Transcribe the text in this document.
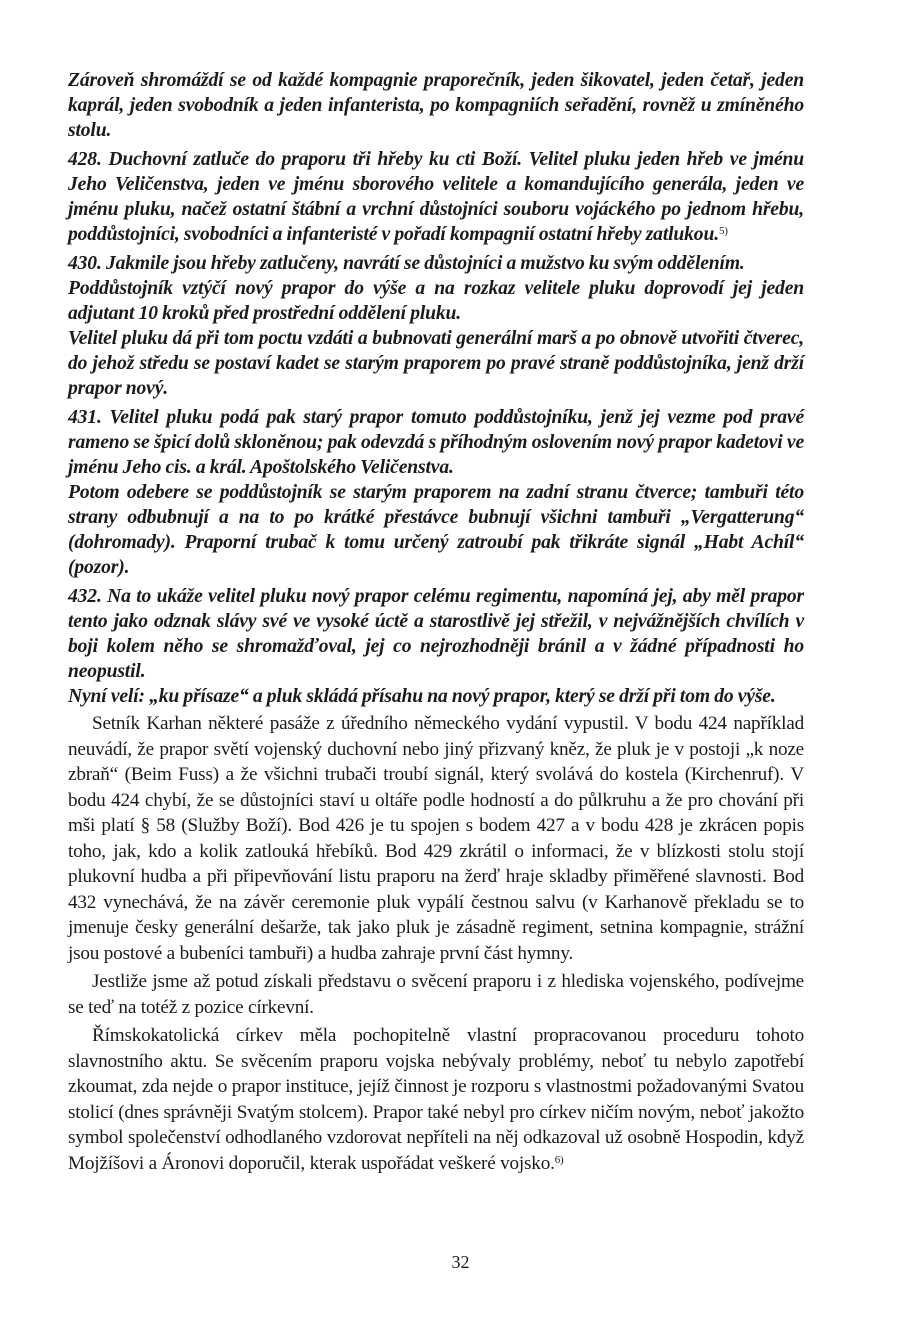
Zároveň shromáždí se od každé kompagnie praporečník, jeden šikovatel, jeden četař, jeden kaprál, jeden svobodník a jeden infanterista, po kompagniích seřadění, rovněž u zmíněného stolu.

428. Duchovní zatluče do praporu tři hřeby ku cti Boží. Velitel pluku jeden hřeb ve jménu Jeho Veličenstva, jeden ve jménu sborového velitele a komandujícího generála, jeden ve jménu pluku, načež ostatní štábní a vrchní důstojníci souboru vojáckého po jednom hřebu, poddůstojníci, svobodníci a infanteristé v pořadí kompagnií ostatní hřeby zatlukou.$^{5)}$

430. Jakmile jsou hřeby zatlučeny, navrátí se důstojníci a mužstvo ku svým oddělením.

Poddůstojník vztýčí nový prapor do výše a na rozkaz velitele pluku doprovodí jej jeden adjutant 10 kroků před prostřední oddělení pluku.

Velitel pluku dá při tom poctu vzdáti a bubnovati generální marš a po obnově utvořiti čtverec, do jehož středu se postaví kadet se starým praporem po pravé straně poddůstojníka, jenž drží prapor nový.

431. Velitel pluku podá pak starý prapor tomuto poddůstojníku, jenž jej vezme pod pravé rameno se špicí dolů skloněnou; pak odevzdá s příhodným oslovením nový prapor kadetovi ve jménu Jeho cis. a král. Apoštolského Veličenstva.

Potom odebere se poddůstojník se starým praporem na zadní stranu čtverce; tambuři této strany odbubnují a na to po krátké přestávce bubnují všichni tambuři „Vergatterung“ (dohromady). Praporní trubač k tomu určený zatroubí pak třikráte signál „Habt Achíl“ (pozor).

432. Na to ukáže velitel pluku nový prapor celému regimentu, napomíná jej, aby měl prapor tento jako odznak slávy své ve vysoké úctě a starostlivě jej střežil, v nejvážnějších chvílích v boji kolem něho se shromažďoval, jej co nejrozhodněji bránil a v žádné případnosti ho neopustil.

Nyní velí: „ku přísaze“ a pluk skládá přísahu na nový prapor, který se drží při tom do výše.

Setník Karhan některé pasáže z úředního německého vydání vypustil. V bodu 424 například neuvádí, že prapor světí vojenský duchovní nebo jiný přizvaný kněz, že pluk je v postoji „k noze zbraň“ (Beim Fuss) a že všichni trubači troubí signál, který svolává do kostela (Kirchenruf). V bodu 424 chybí, že se důstojníci staví u oltáře podle hodností a do půlkruhu a že pro chování při mši platí § 58 (Služby Boží). Bod 426 je tu spojen s bodem 427 a v bodu 428 je zkrácen popis toho, jak, kdo a kolik zatlouká hřebíků. Bod 429 zkrátil o informaci, že v blízkosti stolu stojí plukovní hudba a při připevňování listu praporu na žerď hraje skladby přiměřené slavnosti. Bod 432 vynechává, že na závěr ceremonie pluk vypálí čestnou salvu (v Karhanově překladu se to jmenuje česky generální dešarže, tak jako pluk je zásadně regiment, setnina kompagnie, strážní jsou postové a bubeníci tambuři) a hudba zahraje první část hymny.

Jestliže jsme až potud získali představu o svěcení praporu i z hlediska vojenského, podívejme se teď na totéž z pozice církevní.

Římskokatolická církev měla pochopitelně vlastní propracovanou proceduru tohoto slavnostního aktu. Se svěcením praporu vojska nebývaly problémy, neboť tu nebylo zapotřebí zkoumat, zda nejde o prapor instituce, jejíž činnost je rozporu s vlastnostmi požadovanými Svatou stolicí (dnes správněji Svatým stolcem). Prapor také nebyl pro církev ničím novým, neboť jakožto symbol společenství odhodlaného vzdorovat nepříteli na něj odkazoval už osobně Hospodin, když Mojžíšovi a Áronovi doporučil, kterak uspořádat veškeré vojsko.$^{6)}$

32
